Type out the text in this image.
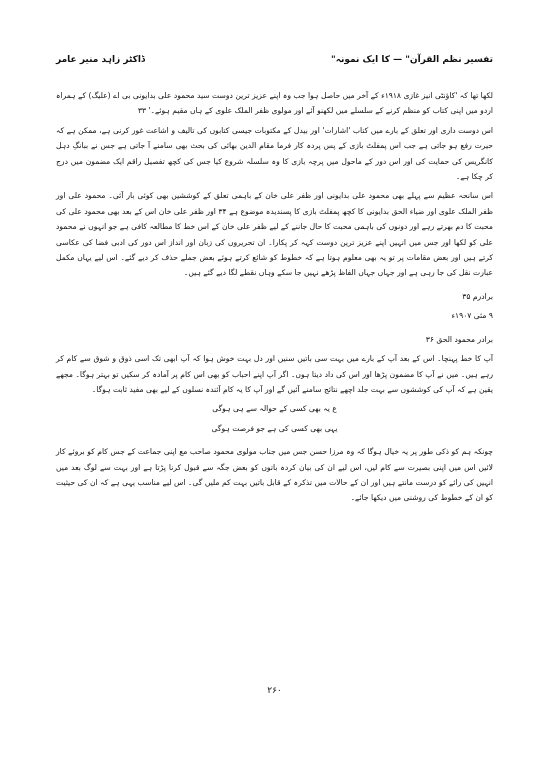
ڈاکٹر زاہد منیر عامر	"تفسیر نظم القرآن" — کا ایک نمونہ

لکھا تھا کہ 'کاؤنٹی انیز غازی ۱۹۱۸ء کے آخر میں حاصل ہوا جب وہ اپنے عزیز ترین دوست سید محمود علی بدایونی بی اے (علیگ) کے ہمراہ اردو میں اپنی کتاب کو منظم کرنے کے سلسلے میں لکھنو آئے اور مولوی ظفر الملک علوی کے ہاں مقیم ہوئے۔' ۳۳

اس دوست داری اور تعلق کے بارے میں کتاب 'اشارات' اور بیدل کے مکتوبات جیسی کتابوں کی تالیف و اشاعت غور کرنی ہے، ممکن ہے کہ حیرت رفع ہو جاتی ہے جب اس پمفلٹ بازی کے پس پردہ کار فرما مقام الدین بھائی کی بحث بھی سامنے آ جاتی ہے جس نے ببانگِ دہل کانگریس کی حمایت کی اور اس دور کے ماحول میں پرچہ بازی کا وہ سلسلہ شروع کیا جس کی کچھ تفصیل راقم ایک مضمون میں درج کر چکا ہے۔

اس سانحہ عظیم سے پہلے بھی محمود علی بدایونی اور ظفر علی خان کے باہمی تعلق کے کوششیں بھی کوئی بار آئی۔ محمود علی اور ظفر الملک علوی اور ضیاء الحق بدایونی کا کچھ پمفلٹ بازی کا پسندیدہ موضوع ہے ۳۴ اور ظفر علی خان اس کے بعد بھی محمود علی کی محبت کا دم بھرتے رہے اور دونوں کی باہمی محبت کا حال جاننے کے لیے ظفر علی خان کے اس خط کا مطالعہ کافی ہے جو انہوں نے محمود علی کو لکھا اور جس میں انہیں اپنے عزیز ترین دوست کہہ کر پکارا۔ ان تحریروں کی زبان اور انداز اس دور کی ادبی فضا کی عکاسی کرتے ہیں اور بعض مقامات پر تو یہ بھی معلوم ہوتا ہے کہ خطوط کو شائع کرتے ہوئے بعض جملے حذف کر دیے گئے۔ اس لیے یہاں مکمل عبارت نقل کی جا رہی ہے اور جہاں جہاں الفاظ پڑھے نہیں جا سکے وہاں نقطے لگا دیے گئے ہیں۔

برادرم ۳۵

۹ مئی ۱۹۰۷ء

برادر محمود الحق ۳۶

آپ کا خط پہنچا۔ اس کے بعد آپ کے بارے میں بہت سی باتیں سنیں اور دل بہت خوش ہوا کہ آپ ابھی تک اسی ذوق و شوق سے کام کر رہے ہیں۔ میں نے آپ کا مضمون پڑھا اور اس کی داد دیتا ہوں۔ اگر آپ اپنے احباب کو بھی اس کام پر آمادہ کر سکیں تو بہتر ہوگا۔ مجھے یقین ہے کہ آپ کی کوششوں سے بہت جلد اچھے نتائج سامنے آئیں گے اور آپ کا یہ کام آئندہ نسلوں کے لیے بھی مفید ثابت ہوگا۔

ع یہ بھی کسی کے حوالہ سے ہی ہوگی

یہی بھی کسی کی ہے جو فرصت ہوگی

چونکہ ہم کو ذکی طور پر یہ خیال ہوگا کہ وہ مرزا حسن جس میں جناب مولوی محمود صاحب مع اپنی جماعت کے جس کام کو بروئے کار لائیں اس میں اپنی بصیرت سے کام لیں، اس لیے ان کی بیان کردہ باتوں کو بعض جگہ سے قبول کرنا پڑتا ہے اور بہت سے لوگ بعد میں انہیں کی رائے کو درست مانتے ہیں اور ان کے حالات میں تذکرہ کے قابل باتیں بہت کم ملیں گی۔ اس لیے مناسب یہی ہے کہ ان کی حیثیت کو ان کے خطوط کی روشنی میں دیکھا جائے۔

۲۶۰
